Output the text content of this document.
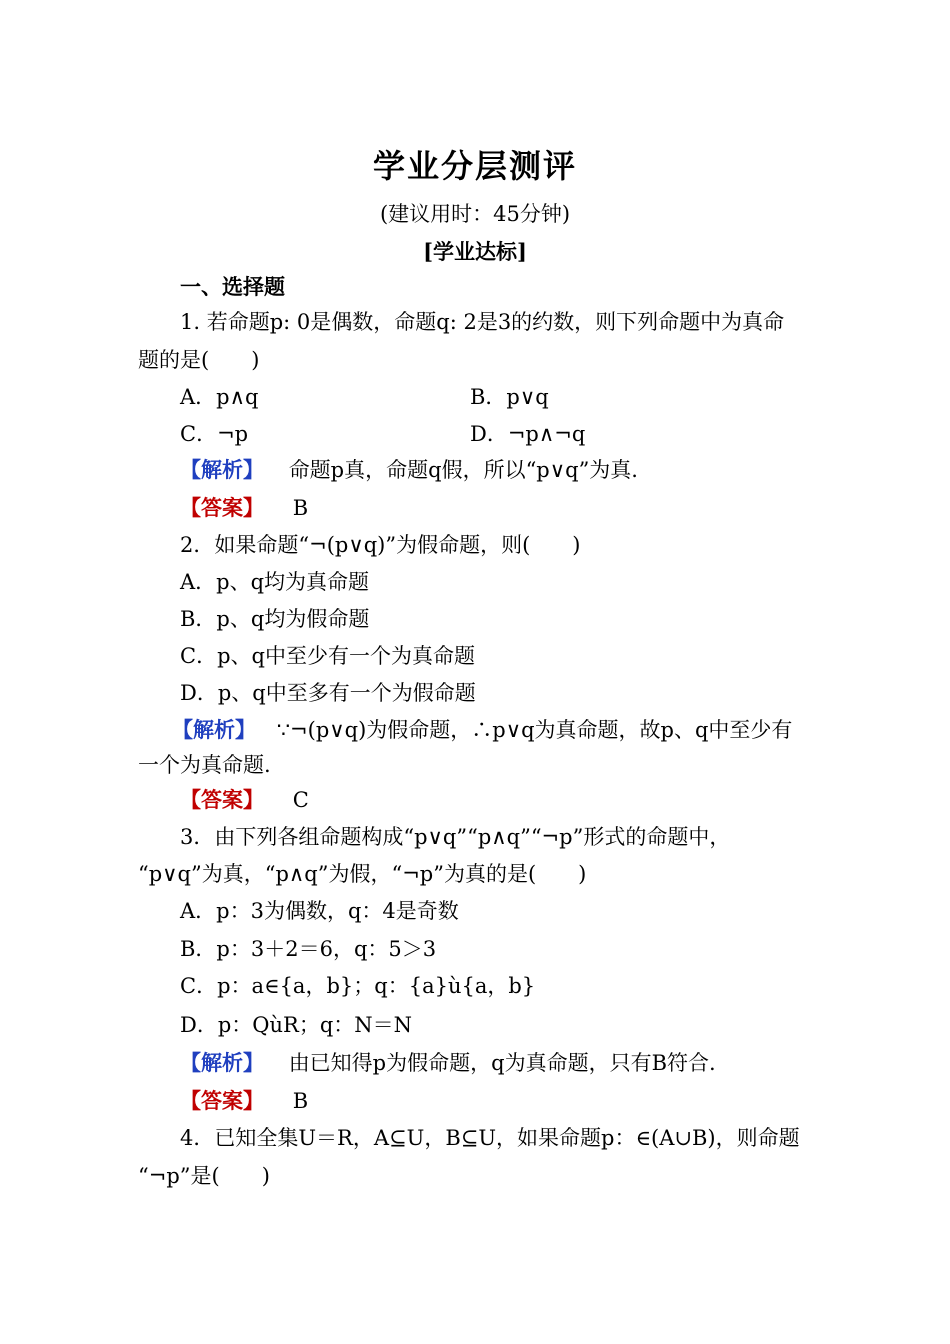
学业分层测评
(建议用时：45分钟)
[学业达标]
一、选择题
1. 若命题p: 0是偶数，命题q: 2是3的约数，则下列命题中为真命
题的是(　　)
A．p∧q	B．p∨q
C．¬p	D．¬p∧¬q
【解析】 命题p真，命题q假，所以“p∨q”为真.
【答案】 B
2．如果命题“¬(p∨q)”为假命题，则(　　)
A．p、q均为真命题
B．p、q均为假命题
C．p、q中至少有一个为真命题
D．p、q中至多有一个为假命题
【解析】 ∵¬(p∨q)为假命题，∴p∨q为真命题，故p、q中至少有
一个为真命题.
【答案】 C
3．由下列各组命题构成“p∨q”“p∧q”“¬p”形式的命题中，
“p∨q”为真，“p∧q”为假，“¬p”为真的是(　　)
A．p：3为偶数，q：4是奇数
B．p：3＋2＝6，q：5＞3
C．p：a∈{a，b}；q：{a}ù{a，b}
D．p：QùR；q：N＝N
【解析】 由已知得p为假命题，q为真命题，只有B符合.
【答案】 B
4．已知全集U＝R，A⊆U，B⊆U，如果命题p：∈(A∪B)，则命题
“¬p”是(　　)
